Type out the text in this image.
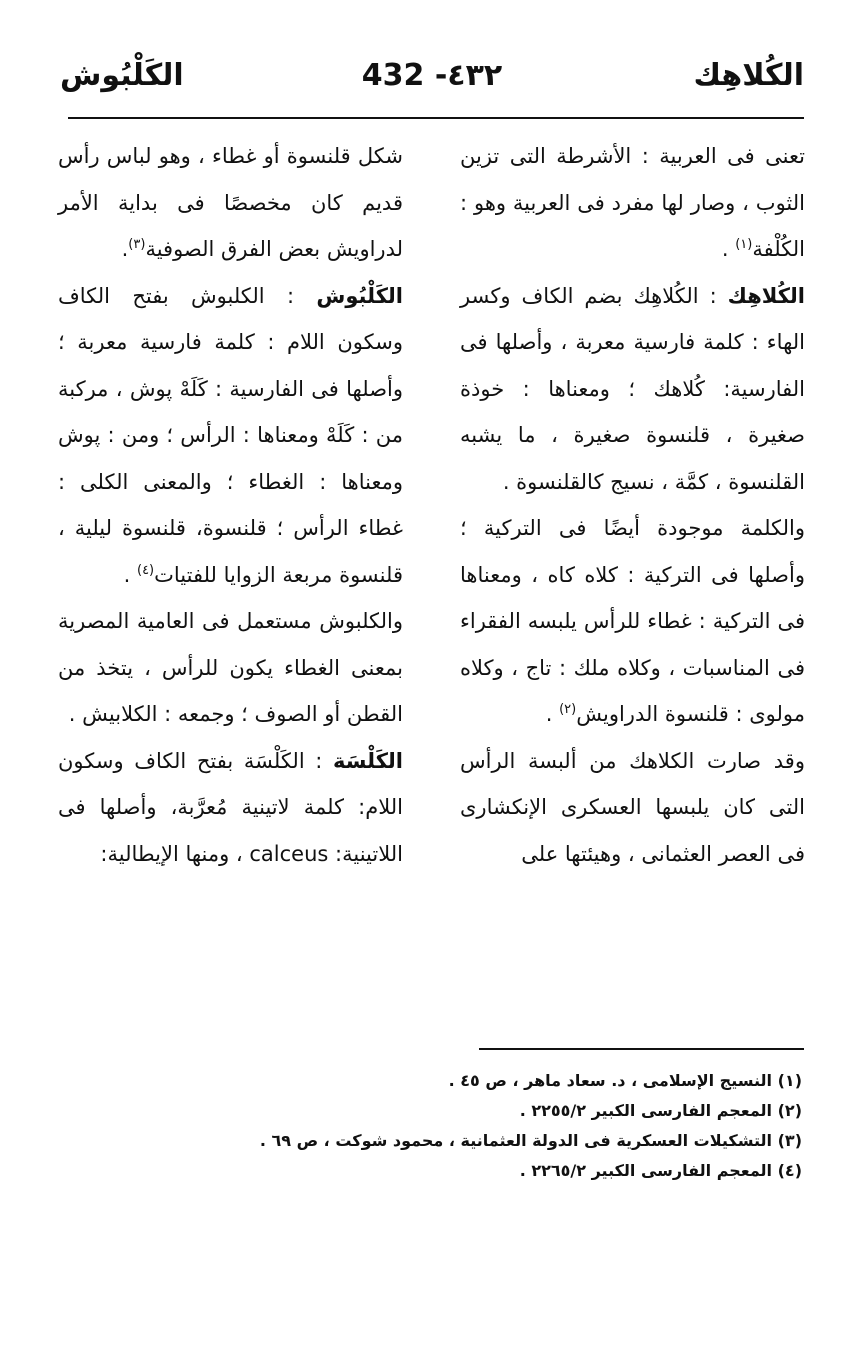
الكُلاهِك
432 -٤٣٢
الكَلْبُوش

تعنى فى العربية : الأشرطة التى تزين الثوب ، وصار لها مفرد فى العربية وهو : الكُلْفة$^{(١)}$ .

الكُلاهِك : الكُلاهِك بضم الكاف وكسر الهاء : كلمة فارسية معربة ، وأصلها فى الفارسية: كُلاهك ؛ ومعناها : خوذة صغيرة ، قلنسوة صغيرة ، ما يشبه القلنسوة ، كمَّة ، نسيج كالقلنسوة .

والكلمة موجودة أيضًا فى التركية ؛ وأصلها فى التركية : كلاه كاه ، ومعناها فى التركية : غطاء للرأس يلبسه الفقراء فى المناسبات ، وكلاه ملك : تاج ، وكلاه مولوى : قلنسوة الدراويش$^{(٢)}$ .

وقد صارت الكلاهك من ألبسة الرأس التى كان يلبسها العسكرى الإنكشارى فى العصر العثمانى ، وهيئتها على

شكل قلنسوة أو غطاء ، وهو لباس رأس قديم كان مخصصًا فى بداية الأمر لدراويش بعض الفرق الصوفية$^{(٣)}$.

الكَلْبُوش : الكلبوش بفتح الكاف وسكون اللام : كلمة فارسية معربة ؛ وأصلها فى الفارسية : كَلَهْ پوش ، مركبة من : كَلَهْ ومعناها : الرأس ؛ ومن : پوش ومعناها : الغطاء ؛ والمعنى الكلى : غطاء الرأس ؛ قلنسوة، قلنسوة ليلية ، قلنسوة مربعة الزوايا للفتيات$^{(٤)}$ .

والكلبوش مستعمل فى العامية المصرية بمعنى الغطاء يكون للرأس ، يتخذ من القطن أو الصوف ؛ وجمعه : الكلابيش .

الكَلْسَة : الكَلْسَة بفتح الكاف وسكون اللام: كلمة لاتينية مُعرَّبة، وأصلها فى اللاتينية: calceus ، ومنها الإيطالية:

(١) النسيج الإسلامى ، د. سعاد ماهر ، ص ٤٥ .

(٢) المعجم الفارسى الكبير ٢٢٥٥/٢ .

(٣) التشكيلات العسكرية فى الدولة العثمانية ، محمود شوكت ، ص ٦٩ .

(٤) المعجم الفارسى الكبير ٢٢٦٥/٢ .
